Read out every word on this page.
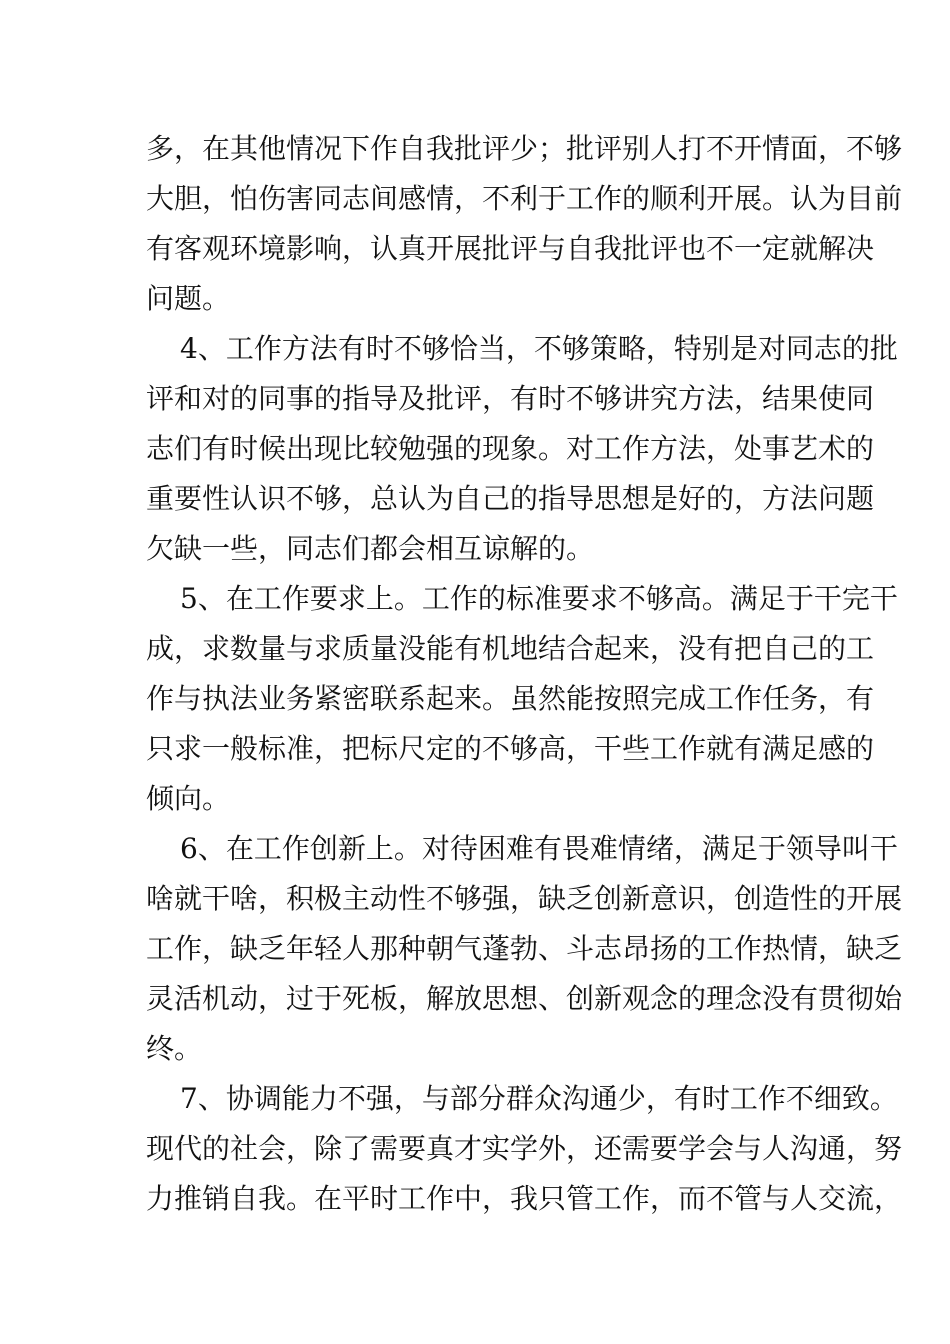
多，在其他情况下作自我批评少；批评别人打不开情面，不够
大胆，怕伤害同志间感情，不利于工作的顺利开展。认为目前
有客观环境影响，认真开展批评与自我批评也不一定就解决
问题。
4、工作方法有时不够恰当，不够策略，特别是对同志的批
评和对的同事的指导及批评，有时不够讲究方法，结果使同
志们有时候出现比较勉强的现象。对工作方法，处事艺术的
重要性认识不够，总认为自己的指导思想是好的，方法问题
欠缺一些，同志们都会相互谅解的。
5、在工作要求上。工作的标准要求不够高。满足于干完干
成，求数量与求质量没能有机地结合起来，没有把自己的工
作与执法业务紧密联系起来。虽然能按照完成工作任务，有
只求一般标准，把标尺定的不够高，干些工作就有满足感的
倾向。
6、在工作创新上。对待困难有畏难情绪，满足于领导叫干
啥就干啥，积极主动性不够强，缺乏创新意识，创造性的开展
工作，缺乏年轻人那种朝气蓬勃、斗志昂扬的工作热情，缺乏
灵活机动，过于死板，解放思想、创新观念的理念没有贯彻始
终。
7、协调能力不强，与部分群众沟通少，有时工作不细致。
现代的社会，除了需要真才实学外，还需要学会与人沟通，努
力推销自我。在平时工作中，我只管工作，而不管与人交流，
